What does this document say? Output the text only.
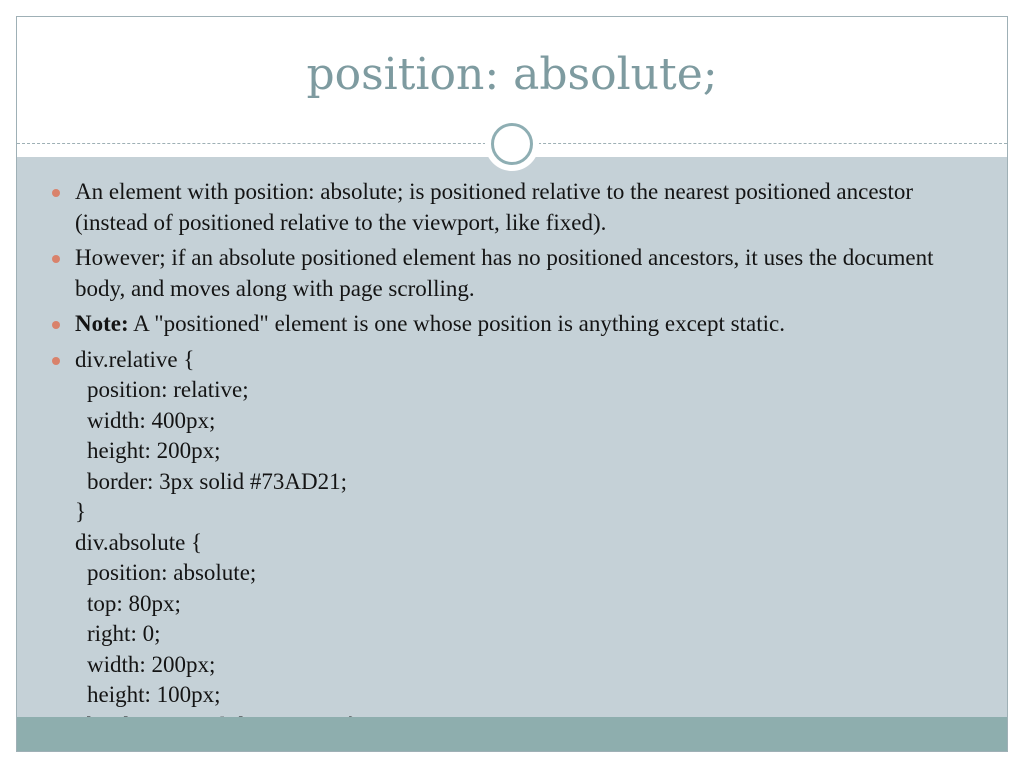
position: absolute;
An element with position: absolute; is positioned relative to the nearest positioned ancestor (instead of positioned relative to the viewport, like fixed).
However; if an absolute positioned element has no positioned ancestors, it uses the document body, and moves along with page scrolling.
Note: A "positioned" element is one whose position is anything except static.
div.relative {
position: relative;
width: 400px;
height: 200px;
border: 3px solid #73AD21;
}
div.absolute {
position: absolute;
top: 80px;
right: 0;
width: 200px;
height: 100px;
